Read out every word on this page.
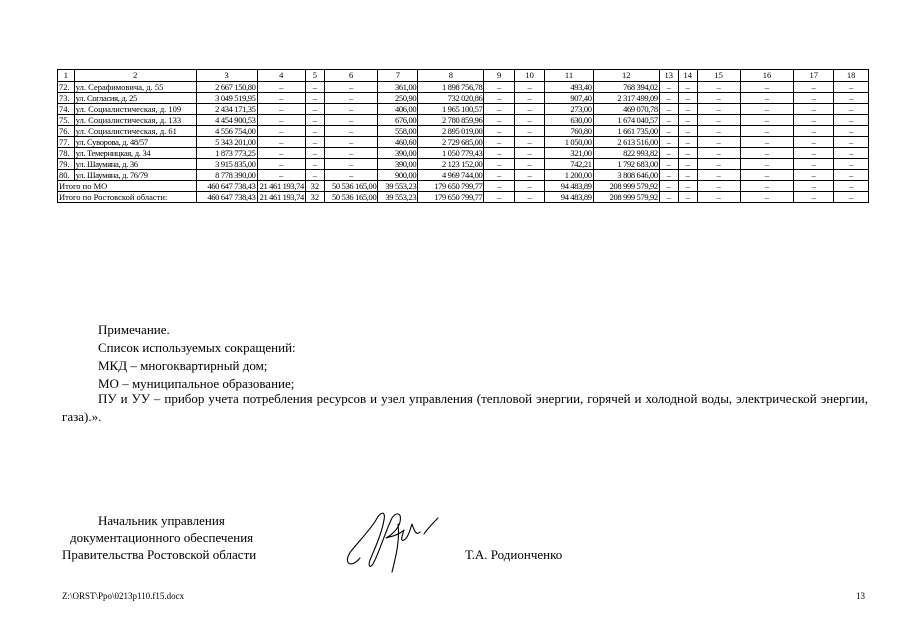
1	2	3	4	5	6	7	8	9	10	11	12	13	14	15	16	17	18
72.	ул. Серафимовича, д. 55	2 667 150,80	–	–	–	361,00	1 898 756,78	–	–	493,40	768 394,02	–	–	–	–	–	–
73.	ул. Согласия, д. 25	3 049 519,95	–	–	–	250,90	732 020,86	–	–	907,40	2 317 499,09	–	–	–	–	–	–
74.	ул. Социалистическая, д. 109	2 434 171,35	–	–	–	406,00	1 965 100,57	–	–	273,00	469 070,78	–	–	–	–	–	–
75.	ул. Социалистическая, д. 133	4 454 900,53	–	–	–	676,00	2 780 859,96	–	–	630,00	1 674 040,57	–	–	–	–	–	–
76.	ул. Социалистическая, д. 61	4 556 754,00	–	–	–	558,00	2 895 019,00	–	–	760,80	1 661 735,00	–	–	–	–	–	–
77.	ул. Суворова, д. 48/57	5 343 201,00	–	–	–	460,60	2 729 685,00	–	–	1 050,00	2 613 516,00	–	–	–	–	–	–
78.	ул. Темерницкая, д. 34	1 873 773,25	–	–	–	390,00	1 050 779,43	–	–	321,00	822 993,82	–	–	–	–	–	–
79.	ул. Шаумяна, д. 36	3 915 835,00	–	–	–	390,00	2 123 152,00	–	–	742,21	1 792 683,00	–	–	–	–	–	–
80.	ул. Шаумяна, д. 76/79	8 778 390,00	–	–	–	900,00	4 969 744,00	–	–	1 200,00	3 808 646,00	–	–	–	–	–	–
Итого по МО		460 647 738,43	21 461 193,74	32	50 536 165,00	39 553,23	179 650 799,77	–	–	94 483,89	208 999 579,92	–	–	–	–	–	–
Итого по Ростовской области:		460 647 738,43	21 461 193,74	32	50 536 165,00	39 553,23	179 650 799,77	–	–	94 483,89	208 999 579,92	–	–	–	–	–	–
Примечание.
Список используемых сокращений:
МКД – многоквартирный дом;
МО – муниципальное образование;
ПУ и УУ – прибор учета потребления ресурсов и узел управления (тепловой энергии, горячей и холодной воды, электрической энергии, газа).».
Начальник управления
документационного обеспечения
Правительства Ростовской области	Т.А. Родионченко
Z:\ORST\Ppo\0213p110.f15.docx	13
